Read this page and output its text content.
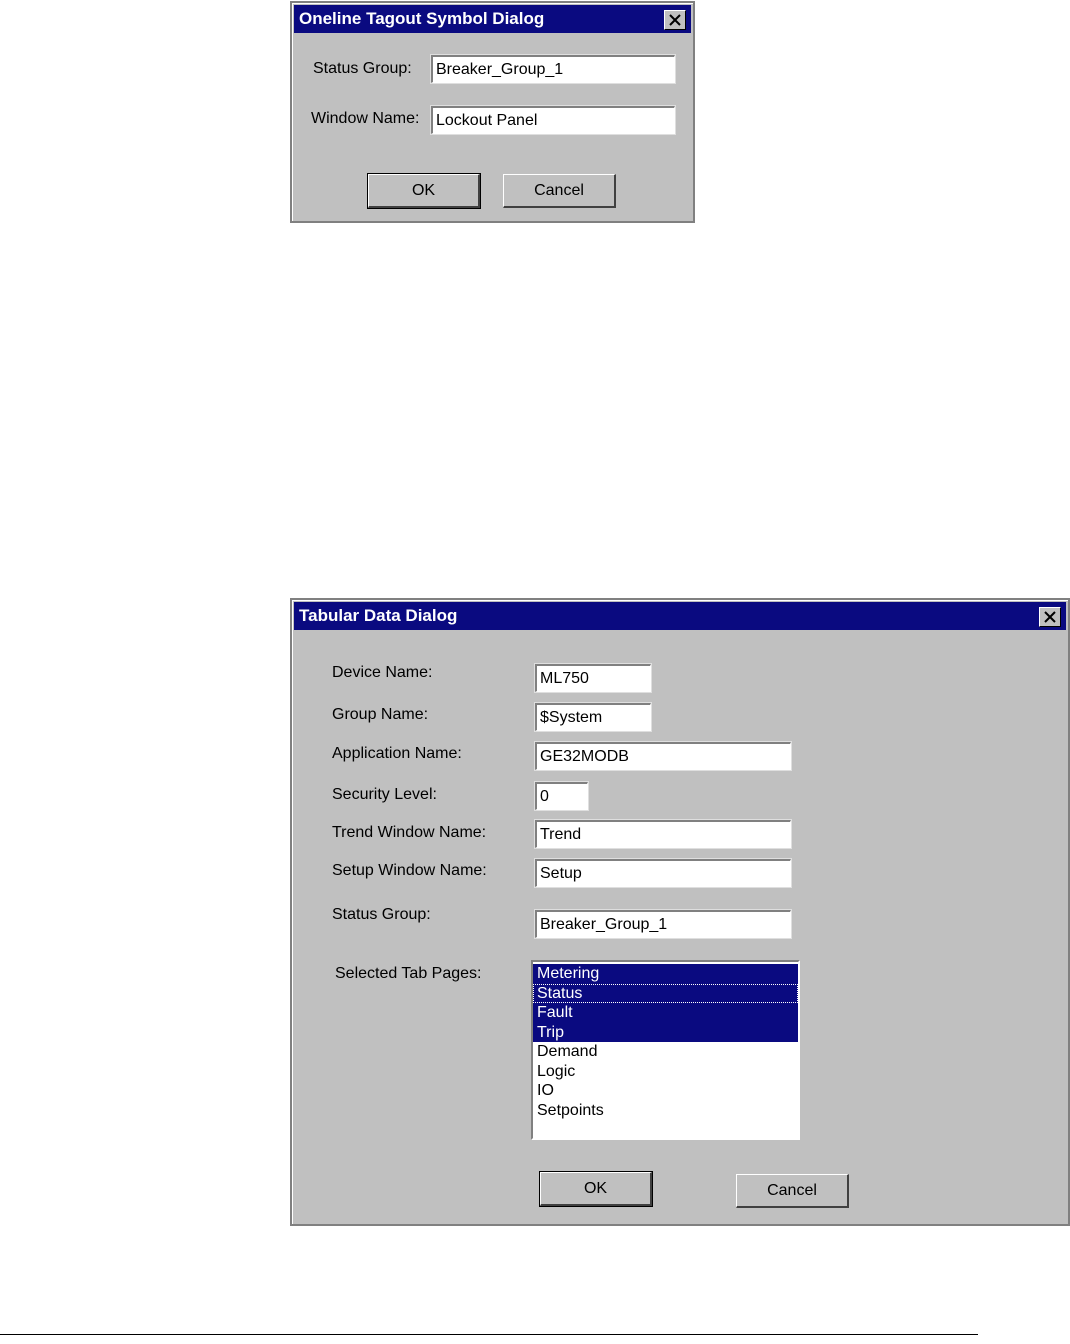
Oneline Tagout Symbol Dialog
Status Group:
Breaker_Group_1
Window Name:
Lockout Panel
OK	Cancel
Tabular Data Dialog
Device Name:
ML750
Group Name:
$System
Application Name:
GE32MODB
Security Level:
0
Trend Window Name:
Trend
Setup Window Name:
Setup
Status Group:
Breaker_Group_1
Selected Tab Pages:	Metering
Status
Fault
Trip
Demand
Logic
IO
Setpoints
OK	Cancel
